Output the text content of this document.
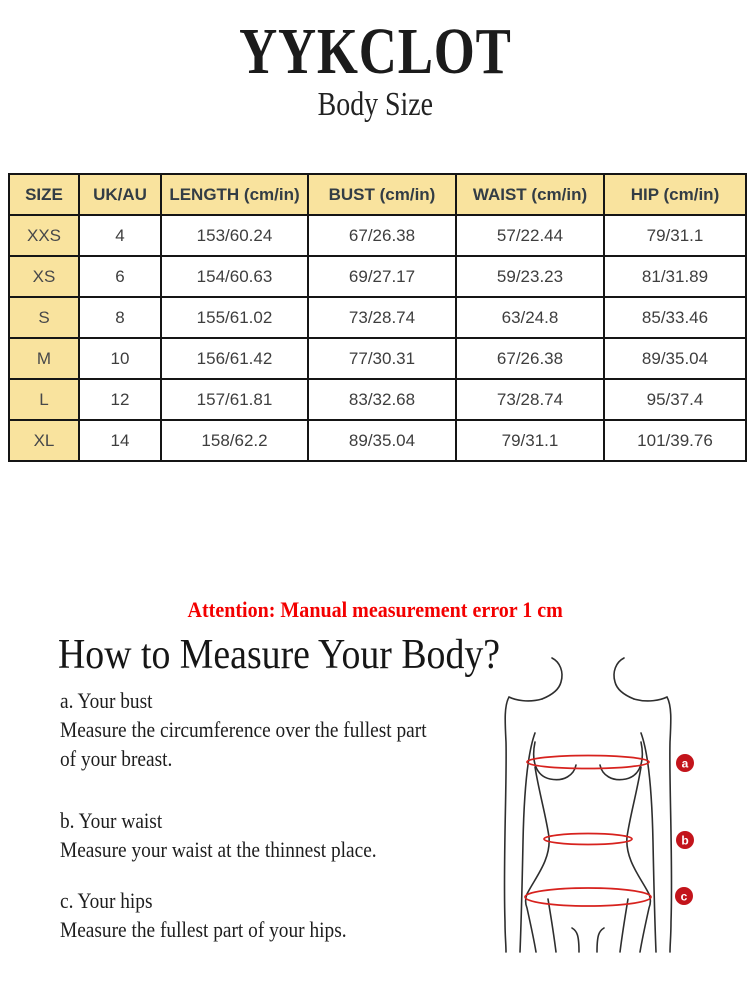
YYKCLOT
Body Size
SIZE	UK/AU	LENGTH (cm/in)	BUST (cm/in)	WAIST (cm/in)	HIP (cm/in)
XXS	4	153/60.24	67/26.38	57/22.44	79/31.1
XS	6	154/60.63	69/27.17	59/23.23	81/31.89
S	8	155/61.02	73/28.74	63/24.8	85/33.46
M	10	156/61.42	77/30.31	67/26.38	89/35.04
L	12	157/61.81	83/32.68	73/28.74	95/37.4
XL	14	158/62.2	89/35.04	79/31.1	101/39.76
Attention: Manual measurement error 1 cm
How to Measure Your Body?
a. Your bust
Measure the circumference over the fullest part
of your breast.
b. Your waist
Measure your waist at the thinnest place.
c. Your hips
Measure the fullest part of your hips.
a
b
c
